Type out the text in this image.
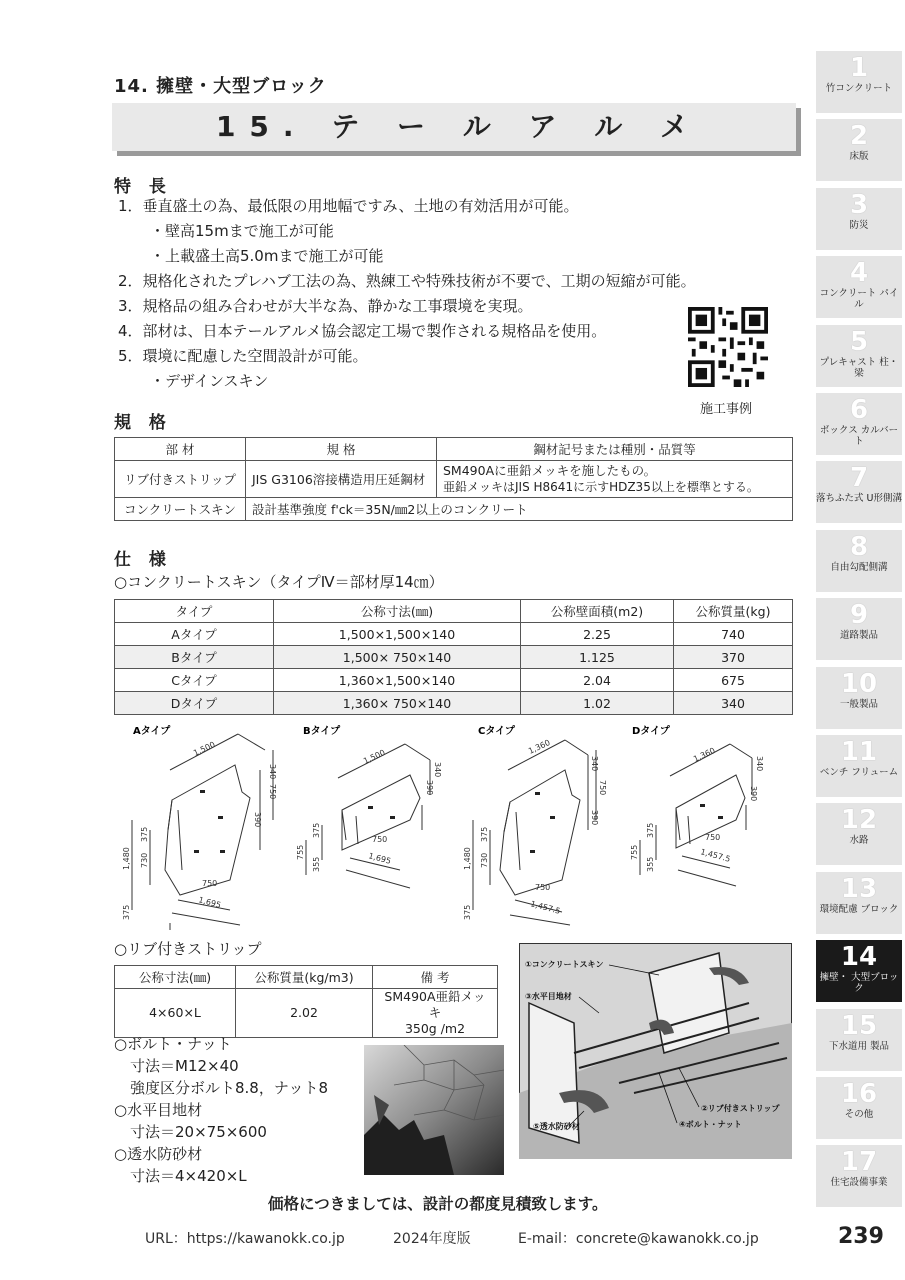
14. 擁壁・大型ブロック
15. テ ー ル ア ル メ
特 長
1．垂直盛土の為、最低限の用地幅ですみ、土地の有効活用が可能。
・壁高15mまで施工が可能
・上載盛土高5.0mまで施工が可能
2．規格化されたプレハブ工法の為、熟練工や特殊技術が不要で、工期の短縮が可能。
3．規格品の組み合わせが大半な為、静かな工事環境を実現。
4．部材は、日本テールアルメ協会認定工場で製作される規格品を使用。
5．環境に配慮した空間設計が可能。
・デザインスキン
施工事例
規 格
部 材	規 格	鋼材記号または種別・品質等
リブ付きストリップ	JIS G3106溶接構造用圧延鋼材	SM490Aに亜鉛メッキを施したもの。
亜鉛メッキはJIS H8641に示すHDZ35以上を標準とする。

コンクリートスキン	設計基準強度 f'ck＝35N/㎜2以上のコンクリート	
仕 様
○コンクリートスキン（タイプⅣ＝部材厚14㎝）
タイプ	公称寸法(㎜)	公称壁面積(m2)	公称質量(kg)
Aタイプ	1,500×1,500×140	2.25	740
Bタイプ	1,500× 750×140	1.125	370
Cタイプ	1,360×1,500×140	2.04	675
Dタイプ	1,360× 750×140	1.02	340
Aタイプ	Bタイプ	Cタイプ	Dタイプ
1,500
340
750
390
375
730
1,480
750
1,695
375
1,500
340
390
375
755
355
750
1,695
1,360
340
750
390
375
730
1,480
750
1,457.5
375
1,360	340
390
375
755
355
750
1,457.5
○リブ付きストリップ
公称寸法(㎜)	公称質量(kg/m3)	備 考
4×60×L	2.02	SM490A亜鉛メッキ
350g /m2
○ボルト・ナット
寸法＝M12×40
強度区分ボルト8.8，ナット8
○水平目地材
寸法＝20×75×600
○透水防砂材
寸法＝4×420×L
①コンクリートスキン
③水平目地材
②リブ付きストリップ
⑤透水防砂材	④ボルト・ナット
価格につきましては、設計の都度見積致します。
URL：https://kawanokk.co.jp	2024年度版	E-mail：concrete@kawanokk.co.jp	239
1
竹コンクリート
2
床版
3
防災
4
コンクリート パイル
5
プレキャスト 柱・梁
6
ボックス カルバート
7
落ちふた式 U形側溝
8
自由勾配側溝
9
道路製品
10
一般製品
11
ベンチ フリューム
12
水路
13
環境配慮 ブロック
14
擁壁・ 大型ブロック
15
下水道用 製品
16
その他
17
住宅設備事業
